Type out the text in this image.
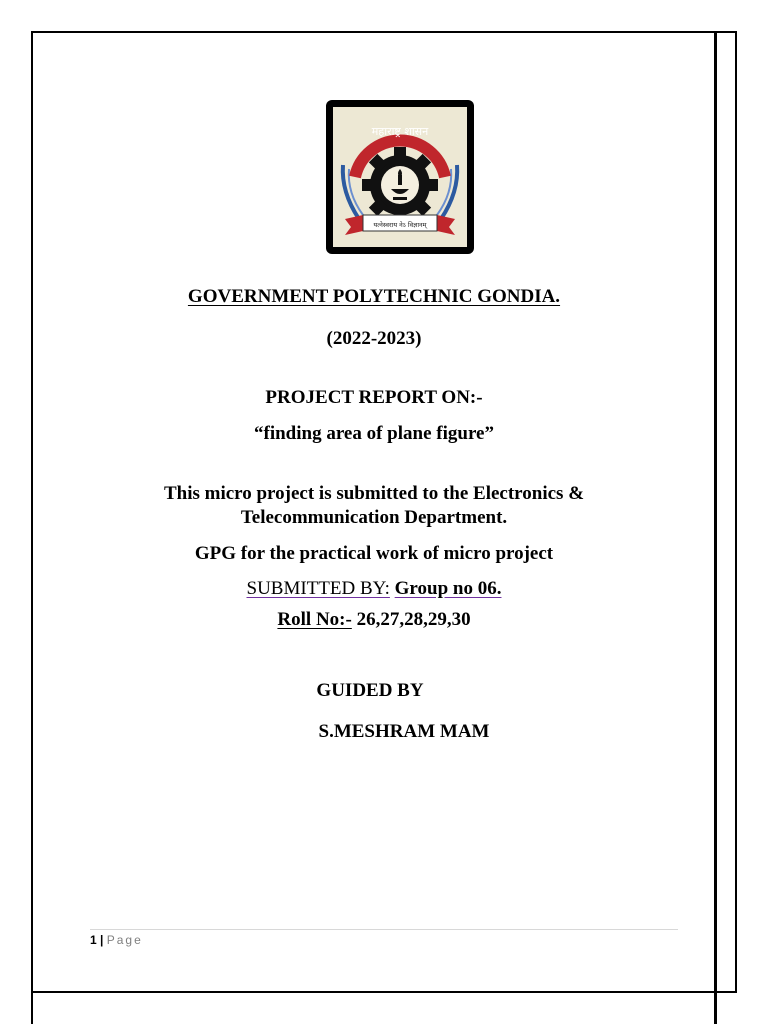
महाराष्ट्र शासन
यत्नेस्वराय नेऽ विज्ञानम्
GOVERNMENT POLYTECHNIC GONDIA.
(2022-2023)
PROJECT REPORT ON:-
“finding area of plane figure”
This micro project is submitted to the Electronics &
Telecommunication Department.
GPG for the practical work of micro project
SUBMITTED BY: Group no 06.
Roll No:- 26,27,28,29,30
GUIDED BY
S.MESHRAM MAM
1 | Page
